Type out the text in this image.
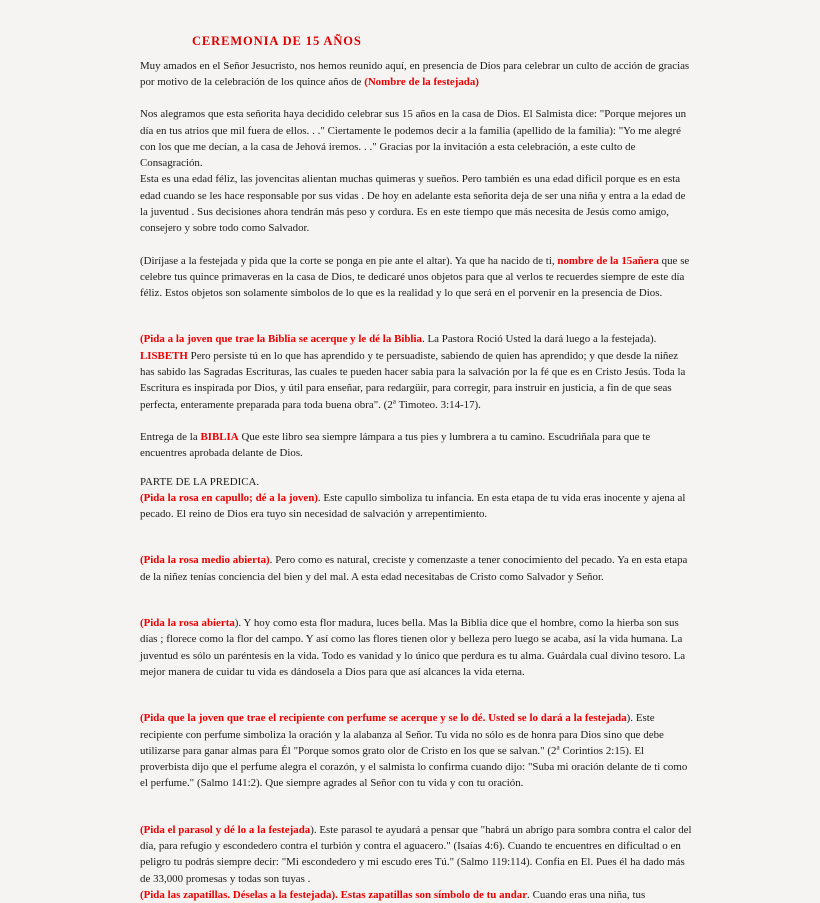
CEREMONIA DE 15 AÑOS

Muy amados en el Señor Jesucristo, nos hemos reunido aquí, en presencia de Dios para celebrar un culto de acción de gracias por motivo de la celebración de los quince años de (Nombre de la festejada)

Nos alegramos que esta señorita haya decidido celebrar sus 15 años en la casa de Dios. El Salmista dice: "Porque mejores un día en tus atrios que mil fuera de ellos. . ." Ciertamente le podemos decir a la familia (apellido de la familia): "Yo me alegré con los que me decían, a la casa de Jehová iremos. . ." Gracias por la invitación a esta celebración, a este culto de Consagración.

Esta es una edad féliz, las jovencitas alientan muchas quimeras y sueños. Pero también es una edad dificil porque es en esta edad cuando se les hace responsable por sus vidas . De hoy en adelante esta señorita deja de ser una niña y entra a la edad de la juventud . Sus decisiones ahora tendrán más peso y cordura. Es en este tiempo que más necesita de Jesús como amigo, consejero y sobre todo como Salvador.

(Diríjase a la festejada y pida que la corte se ponga en pie ante el altar). Ya que ha nacido de ti, nombre de la 15añera que se celebre tus quince primaveras en la casa de Dios, te dedicaré unos objetos para que al verlos te recuerdes siempre de este día féliz. Estos objetos son solamente símbolos de lo que es la realidad y lo que será en el porvenir en la presencia de Dios.

(Pida a la joven que trae la Biblia se acerque y le dé la Biblia. La Pastora Roció Usted la dará luego a la festejada).
LISBETH Pero persiste tú en lo que has aprendido y te persuadiste, sabiendo de quien has aprendido; y que desde la niñez has sabido las Sagradas Escrituras, las cuales te pueden hacer sabia para la salvación por la fé que es en Cristo Jesús. Toda la Escritura es inspirada por Dios, y útil para enseñar, para redargüir, para corregir, para instruir en justicia, a fin de que seas perfecta, enteramente preparada para toda buena obra". (2$^a$ Timoteo. 3:14-17).

Entrega de la BIBLIA Que este libro sea siempre lámpara a tus pies y lumbrera a tu camino. Escudriñala para que te encuentres aprobada delante de Dios.

PARTE DE LA PREDICA.

(Pida la rosa en capullo; dé a la joven). Este capullo simboliza tu infancia. En esta etapa de tu vida eras inocente y ajena al pecado. El reino de Dios era tuyo sin necesidad de salvación y arrepentimiento.

(Pida la rosa medio abierta). Pero como es natural, creciste y comenzaste a tener conocimiento del pecado. Ya en esta etapa de la niñez tenías conciencia del bien y del mal. A esta edad necesitabas de Cristo como Salvador y Señor.

(Pida la rosa abierta). Y hoy como esta flor madura, luces bella. Mas la Biblia dice que el hombre, como la hierba son sus días ; florece como la flor del campo. Y así como las flores tienen olor y belleza pero luego se acaba, así la vida humana. La juventud es sólo un paréntesis en la vida. Todo es vanidad y lo único que perdura es tu alma. Guárdala cual divino tesoro. La mejor manera de cuidar tu vida es dándosela a Dios para que así alcances la vida eterna.

(Pida que la joven que trae el recipiente con perfume se acerque y se lo dé. Usted se lo dará a la festejada). Este recipiente con perfume simboliza la oración y la alabanza al Señor. Tu vida no sólo es de honra para Dios sino que debe utilizarse para ganar almas para Él "Porque somos grato olor de Cristo en los que se salvan." (2$^a$ Corintios 2:15). El proverbista dijo que el perfume alegra el corazón, y el salmista lo confirma cuando dijo: "Suba mi oración delante de ti como el perfume." (Salmo 141:2). Que siempre agrades al Señor con tu vida y con tu oración.

(Pida el parasol y dé lo a la festejada). Este parasol te ayudará a pensar que "habrá un abrigo para sombra contra el calor del día, para refugio y escondedero contra el turbión y contra el aguacero." (Isaías 4:6). Cuando te encuentres en dificultad o en peligro tu podrás siempre decir: "Mi escondedero y mi escudo eres Tú." (Salmo 119:114). Confia en El. Pues él ha dado más de 33,000 promesas y todas son tuyas .

(Pida las zapatillas. Déselas a la festejada). Estas zapatillas son símbolo de tu andar. Cuando eras una niña, tus
